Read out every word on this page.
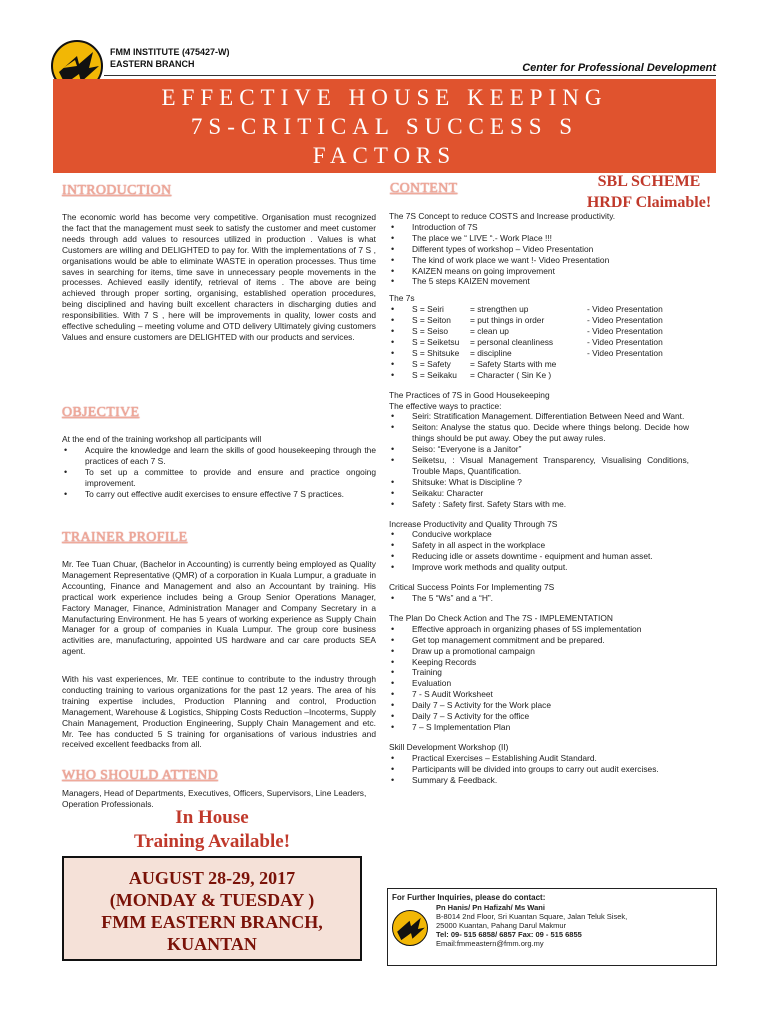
FMM INSTITUTE (475427-W)
EASTERN BRANCH	Center for Professional Development
EFFECTIVE HOUSE KEEPING
7S-CRITICAL SUCCESS S
FACTORS
INTRODUCTION
The economic world has become very competitive. Organisation must recognized the fact that the management must seek to satisfy the customer and meet customer needs through add values to resources utilized in production . Values is what Customers are willing and DELIGHTED to pay for. With the implementations of 7 S , organisations would be able to eliminate WASTE in operation processes. Thus time saves in searching for items, time save in unnecessary people movements in the processes. Achieved easily identify, retrieval of items . The above are being achieved through proper sorting, organising, established operation procedures, being disciplined and having built excellent characters in discharging duties and responsibilities. With 7 S , here will be improvements in quality, lower costs and effective scheduling – meeting volume and OTD delivery Ultimately giving customers Values and ensure customers are DELIGHTED with our products and services.
OBJECTIVE
At the end of the training workshop all participants will
• Acquire the knowledge and learn the skills of good housekeeping through the practices of each 7 S.
• To set up a committee to provide and ensure and practice ongoing improvement.
• To carry out effective audit exercises to ensure effective 7 S practices.
TRAINER PROFILE
Mr. Tee Tuan Chuar, (Bachelor in Accounting) is currently being employed as Quality Management Representative (QMR) of a corporation in Kuala Lumpur, a graduate in Accounting, Finance and Management and also an Accountant by training. His practical work experience includes being a Group Senior Operations Manager, Factory Manager, Finance, Administration Manager and Company Secretary in a Manufacturing Environment. He has 5 years of working experience as Supply Chain Manager for a group of companies in Kuala Lumpur. The group core business activities are, manufacturing, appointed US hardware and car care products SEA agent.
With his vast experiences, Mr. TEE continue to contribute to the industry through conducting training to various organizations for the past 12 years. The area of his training expertise includes, Production Planning and control, Production Management, Warehouse & Logistics, Shipping Costs Reduction –Incoterms, Supply Chain Management, Production Engineering, Supply Chain Management and etc. Mr. Tee has conducted 5 S training for organisations of various industries and received excellent feedbacks from all.
WHO SHOULD ATTEND
Managers, Head of Departments, Executives, Officers, Supervisors, Line Leaders, Operation Professionals.
In House
Training Available!
AUGUST 28-29, 2017
(MONDAY & TUESDAY )
FMM EASTERN BRANCH,
KUANTAN
CONTENT	SBL SCHEME
HRDF Claimable!
The 7S Concept to reduce COSTS and Increase productivity.
• Introduction of 7S
• The place we “ LIVE “.- Work Place !!!
• Different types of workshop – Video Presentation
• The kind of work place we want !- Video Presentation
• KAIZEN means on going improvement
• The 5 steps KAIZEN movement
The 7s
• S = Seiri	= strengthen up	- Video Presentation
• S = Seiton = put things in order	- Video Presentation
• S = Seiso	= clean up	- Video Presentation
• S = Seiketsu = personal cleanliness	- Video Presentation
• S = Shitsuke = discipline	- Video Presentation
• S = Safety = Safety Starts with me
• S = Seikaku = Character ( Sin Ke )
The Practices of 7S in Good Housekeeping
The effective ways to practice:
• Seiri: Stratification Management. Differentiation Between Need and Want.
• Seiton: Analyse the status quo. Decide where things belong. Decide how things should be put away. Obey the put away rules.
• Seiso: “Everyone is a Janitor”
• Seiketsu, : Visual Management Transparency, Visualising Conditions, Trouble Maps, Quantification.
• Shitsuke: What is Discipline ?
• Seikaku: Character
• Safety : Safety first. Safety Stars with me.
Increase Productivity and Quality Through 7S
• Conducive workplace
• Safety in all aspect in the workplace
• Reducing idle or assets downtime - equipment and human asset.
• Improve work methods and quality output.
Critical Success Points For Implementing 7S
• The 5 “Ws” and a “H”.
The Plan Do Check Action and The 7S - IMPLEMENTATION
• Effective approach in organizing phases of 5S implementation
• Get top management commitment and be prepared.
• Draw up a promotional campaign
• Keeping Records
• Training
• Evaluation
• 7 - S Audit Worksheet
• Daily 7 – S Activity for the Work place
• Daily 7 – S Activity for the office
• 7 – S Implementation Plan
Skill Development Workshop (II)
• Practical Exercises – Establishing Audit Standard.
• Participants will be divided into groups to carry out audit exercises.
• Summary & Feedback.
For Further Inquiries, please do contact:
Pn Hanis/ Pn Hafizah/ Ms Wani
B-8014 2nd Floor, Sri Kuantan Square, Jalan Teluk Sisek,
25000 Kuantan, Pahang Darul Makmur
Tel: 09- 515 6858/ 6857 Fax: 09 - 515 6855
Email:fmmeastern@fmm.org.my
